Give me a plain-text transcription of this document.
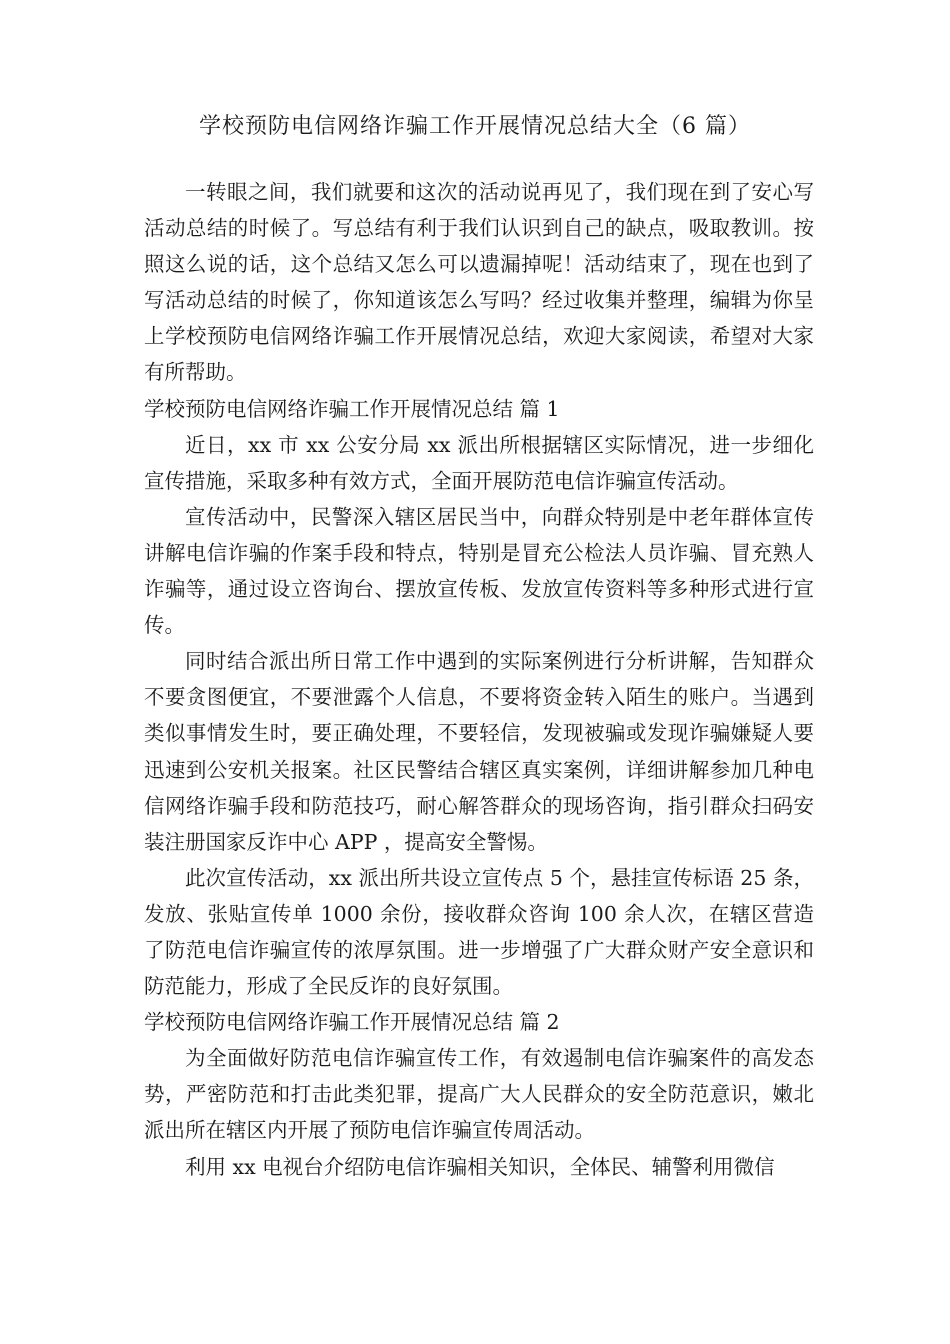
学校预防电信网络诈骗工作开展情况总结大全（6 篇）

一转眼之间，我们就要和这次的活动说再见了，我们现在到了安心写活动总结的时候了。写总结有利于我们认识到自己的缺点，吸取教训。按照这么说的话，这个总结又怎么可以遗漏掉呢！活动结束了，现在也到了写活动总结的时候了，你知道该怎么写吗？经过收集并整理，编辑为你呈上学校预防电信网络诈骗工作开展情况总结，欢迎大家阅读，希望对大家有所帮助。

学校预防电信网络诈骗工作开展情况总结 篇 1

近日，xx 市 xx 公安分局 xx 派出所根据辖区实际情况，进一步细化宣传措施，采取多种有效方式，全面开展防范电信诈骗宣传活动。

宣传活动中，民警深入辖区居民当中，向群众特别是中老年群体宣传讲解电信诈骗的作案手段和特点，特别是冒充公检法人员诈骗、冒充熟人诈骗等，通过设立咨询台、摆放宣传板、发放宣传资料等多种形式进行宣传。

同时结合派出所日常工作中遇到的实际案例进行分析讲解，告知群众不要贪图便宜，不要泄露个人信息，不要将资金转入陌生的账户。当遇到类似事情发生时，要正确处理，不要轻信，发现被骗或发现诈骗嫌疑人要迅速到公安机关报案。社区民警结合辖区真实案例，详细讲解参加几种电信网络诈骗手段和防范技巧，耐心解答群众的现场咨询，指引群众扫码安装注册国家反诈中心 APP ，提高安全警惕。

此次宣传活动，xx 派出所共设立宣传点 5 个，悬挂宣传标语 25 条，发放、张贴宣传单 1000 余份，接收群众咨询 100 余人次，在辖区营造了防范电信诈骗宣传的浓厚氛围。进一步增强了广大群众财产安全意识和防范能力，形成了全民反诈的良好氛围。

学校预防电信网络诈骗工作开展情况总结 篇 2

为全面做好防范电信诈骗宣传工作，有效遏制电信诈骗案件的高发态势，严密防范和打击此类犯罪，提高广大人民群众的安全防范意识，嫩北派出所在辖区内开展了预防电信诈骗宣传周活动。

利用 xx 电视台介绍防电信诈骗相关知识，全体民、辅警利用微信
